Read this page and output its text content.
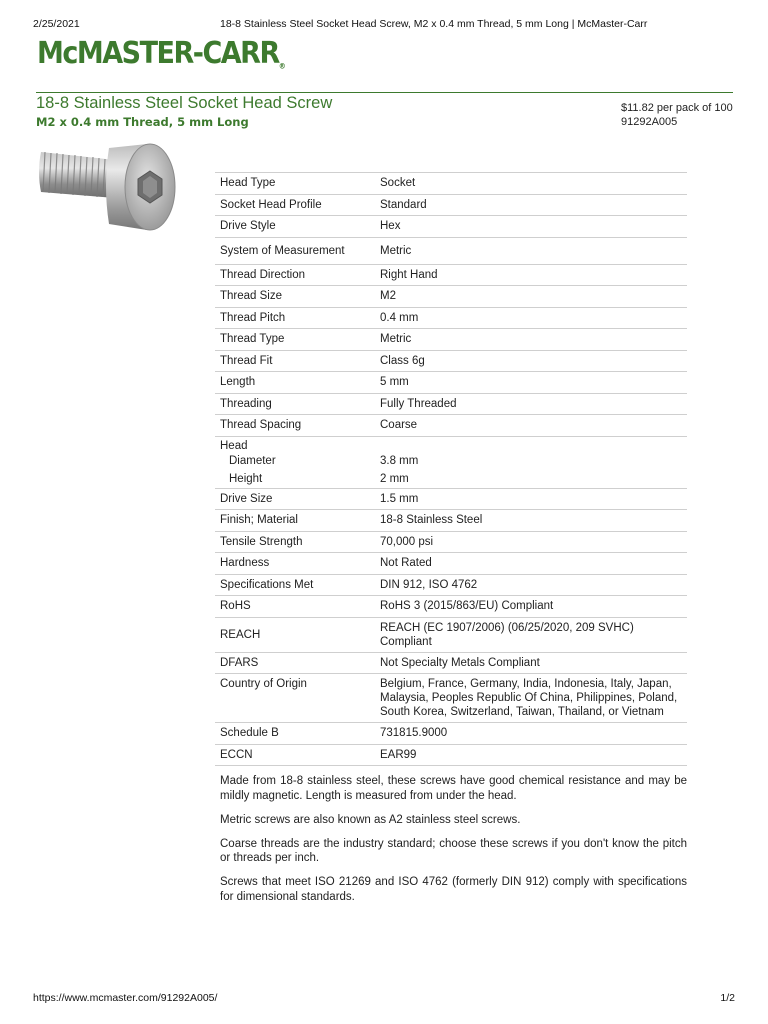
2/25/2021	18-8 Stainless Steel Socket Head Screw, M2 x 0.4 mm Thread, 5 mm Long | McMaster-Carr
McMASTER-CARR®
18-8 Stainless Steel Socket Head Screw
M2 x 0.4 mm Thread, 5 mm Long
$11.82 per pack of 100
91292A005
Head Type	Socket
Socket Head Profile	Standard
Drive Style	Hex
System of Measurement	Metric
Thread Direction	Right Hand
Thread Size	M2
Thread Pitch	0.4 mm
Thread Type	Metric
Thread Fit	Class 6g
Length	5 mm
Threading	Fully Threaded
Thread Spacing	Coarse
Head	
Diameter	3.8 mm
Height	2 mm
Drive Size	1.5 mm
Finish; Material	18-8 Stainless Steel
Tensile Strength	70,000 psi
Hardness	Not Rated
Specifications Met	DIN 912, ISO 4762
RoHS	RoHS 3 (2015/863/EU) Compliant
REACH	REACH (EC 1907/2006) (06/25/2020, 209 SVHC) Compliant
DFARS	Not Specialty Metals Compliant
Country of Origin	Belgium, France, Germany, India, Indonesia, Italy, Japan, Malaysia, Peoples Republic Of China, Philippines, Poland, South Korea, Switzerland, Taiwan, Thailand, or Vietnam
Schedule B	731815.9000
ECCN	EAR99

Made from 18-8 stainless steel, these screws have good chemical resistance and may be mildly magnetic. Length is measured from under the head.

Metric screws are also known as A2 stainless steel screws.

Coarse threads are the industry standard; choose these screws if you don't know the pitch or threads per inch.

Screws that meet ISO 21269 and ISO 4762 (formerly DIN 912) comply with specifications for dimensional standards.

https://www.mcmaster.com/91292A005/	1/2
